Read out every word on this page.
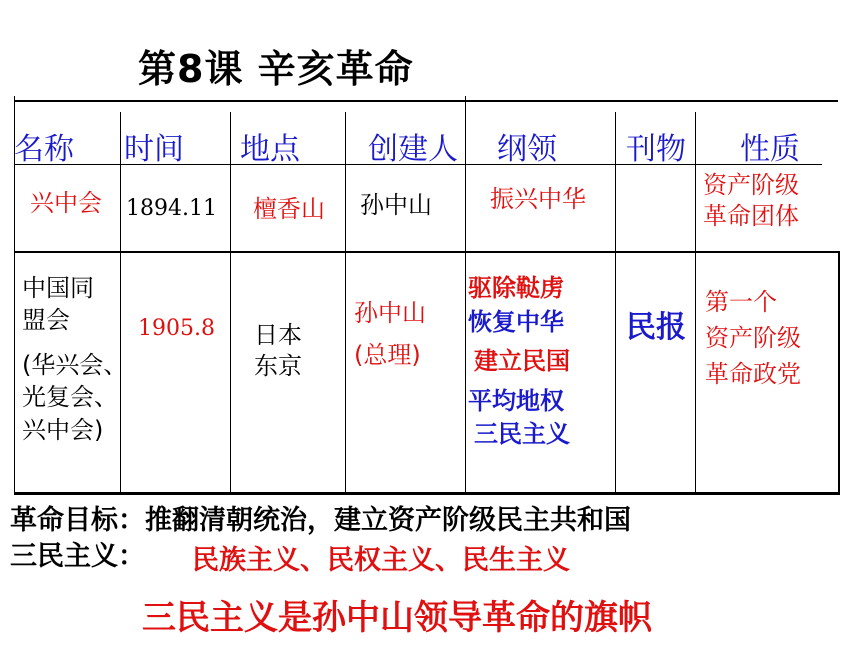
第8课 辛亥革命
名称 时间 地点 创建人 纲领 刊物 性质
兴中会 1894.11 檀香山 孙中山 振兴中华	资产阶级
革命团体
中国同
盟会
(华兴会、
光复会、
兴中会)
1905.8 日本
东京
孙中山
(总理)
驱除鞑虏
恢复中华
建立民国
平均地权
三民主义
民报
第一个
资产阶级
革命政党
革命目标：推翻清朝统治，建立资产阶级民主共和国
三民主义： 民族主义、民权主义、民生主义
三民主义是孙中山领导革命的旗帜
